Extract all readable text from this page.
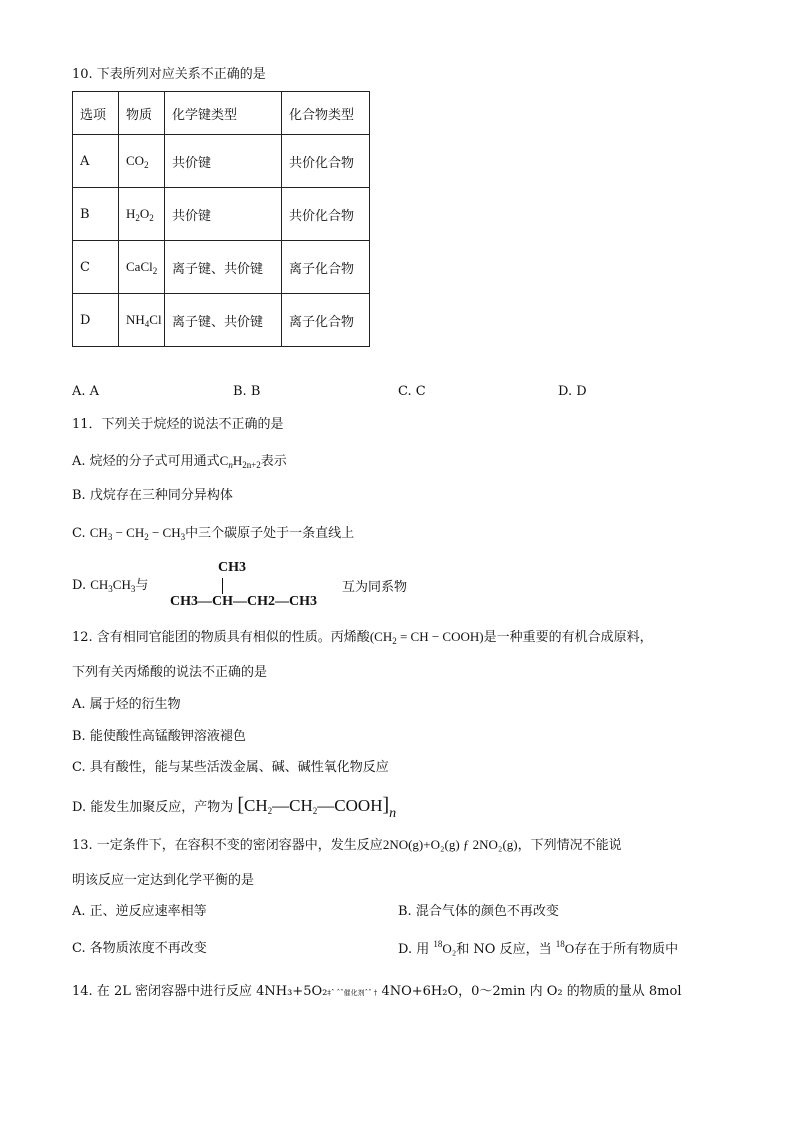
10. 下表所列对应关系不正确的是
选项	物质	化学键类型	化合物类型
A	$CO_2$	共价键	共价化合物
B	$H_2O_2$	共价键	共价化合物
C	CaCl$_2$	离子键、共价键	离子化合物
D	$NH_4Cl$	离子键、共价键	离子化合物
A. A	B. B	C. C	D. D
11．下列关于烷烃的说法不正确的是
A. 烷烃的分子式可用通式$C_nH_{2n+2}$表示
B. 戊烷存在三种同分异构体
C. $CH_3 - CH_2 - CH_3$中三个碳原子处于一条直线上
D. $CH_3CH_3$与
CH3
CH3—CH—CH2—CH3
互为同系物
12. 含有相同官能团的物质具有相似的性质。丙烯酸($CH_2$ = CH − COOH)是一种重要的有机合成原料，
下列有关丙烯酸的说法不正确的是
A. 属于烃的衍生物
B. 能使酸性高锰酸钾溶液褪色
C. 具有酸性，能与某些活泼金属、碱、碱性氧化物反应
D. 能发生加聚反应，产物为 $[CH_2—CH_2—COOH]_n$
13. 一定条件下，在容积不变的密闭容器中，发生反应2NO(g)+O₂(g) ƒ 2NO₂(g)，下列情况不能说
明该反应一定达到化学平衡的是
A. 正、逆反应速率相等	B. 混合气体的颜色不再改变
C. 各物质浓度不再改变	D. 用 $^{18}$O₂和 NO 反应，当 $^{18}$O存在于所有物质中
14. 在 2L 密闭容器中进行反应 4NH₃+5O₂‡ˆ ˆˆ催化剂ˆˆ † 4NO+6H₂O，0～2min 内 O₂ 的物质的量从 8mol
